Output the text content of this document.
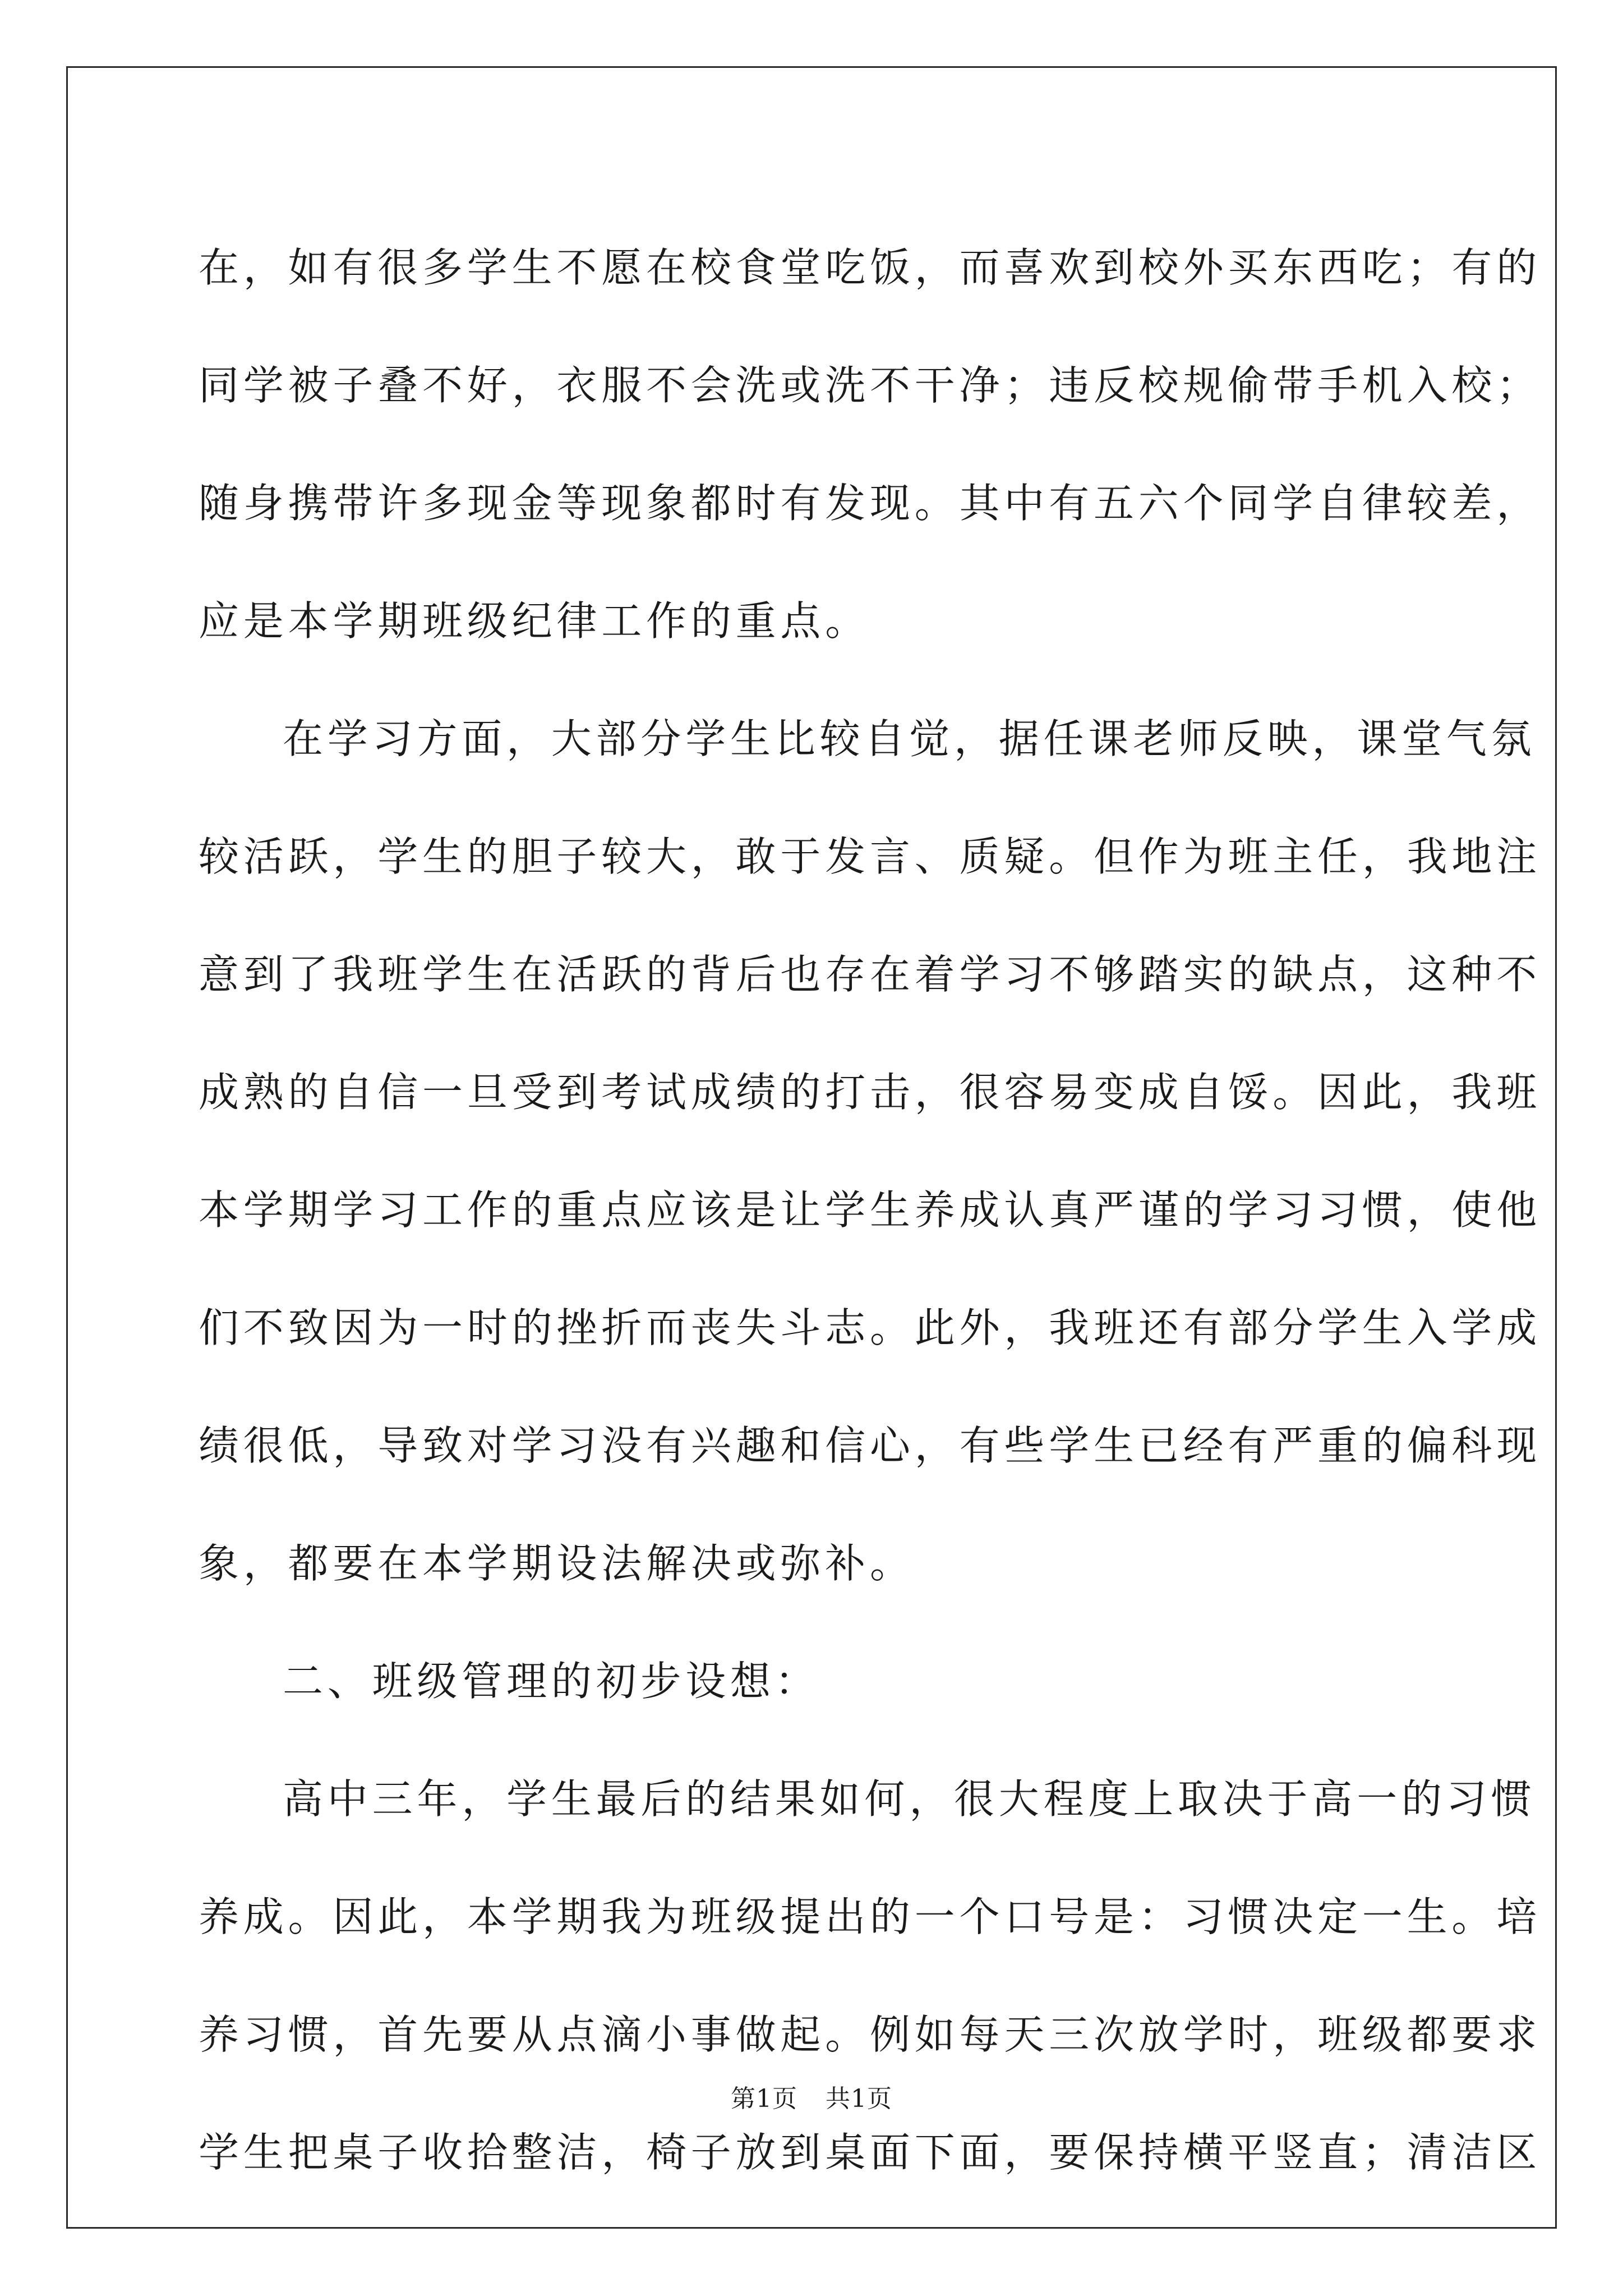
在，如有很多学生不愿在校食堂吃饭，而喜欢到校外买东西吃；有的
同学被子叠不好，衣服不会洗或洗不干净；违反校规偷带手机入校；
随身携带许多现金等现象都时有发现。其中有五六个同学自律较差，
应是本学期班级纪律工作的重点。
在学习方面，大部分学生比较自觉，据任课老师反映，课堂气氛
较活跃，学生的胆子较大，敢于发言、质疑。但作为班主任，我地注
意到了我班学生在活跃的背后也存在着学习不够踏实的缺点，这种不
成熟的自信一旦受到考试成绩的打击，很容易变成自馁。因此，我班
本学期学习工作的重点应该是让学生养成认真严谨的学习习惯，使他
们不致因为一时的挫折而丧失斗志。此外，我班还有部分学生入学成
绩很低，导致对学习没有兴趣和信心，有些学生已经有严重的偏科现
象，都要在本学期设法解决或弥补。
二、班级管理的初步设想：
高中三年，学生最后的结果如何，很大程度上取决于高一的习惯
养成。因此，本学期我为班级提出的一个口号是：习惯决定一生。培
养习惯，首先要从点滴小事做起。例如每天三次放学时，班级都要求
学生把桌子收拾整洁，椅子放到桌面下面，要保持横平竖直；清洁区
第1页 共1页
